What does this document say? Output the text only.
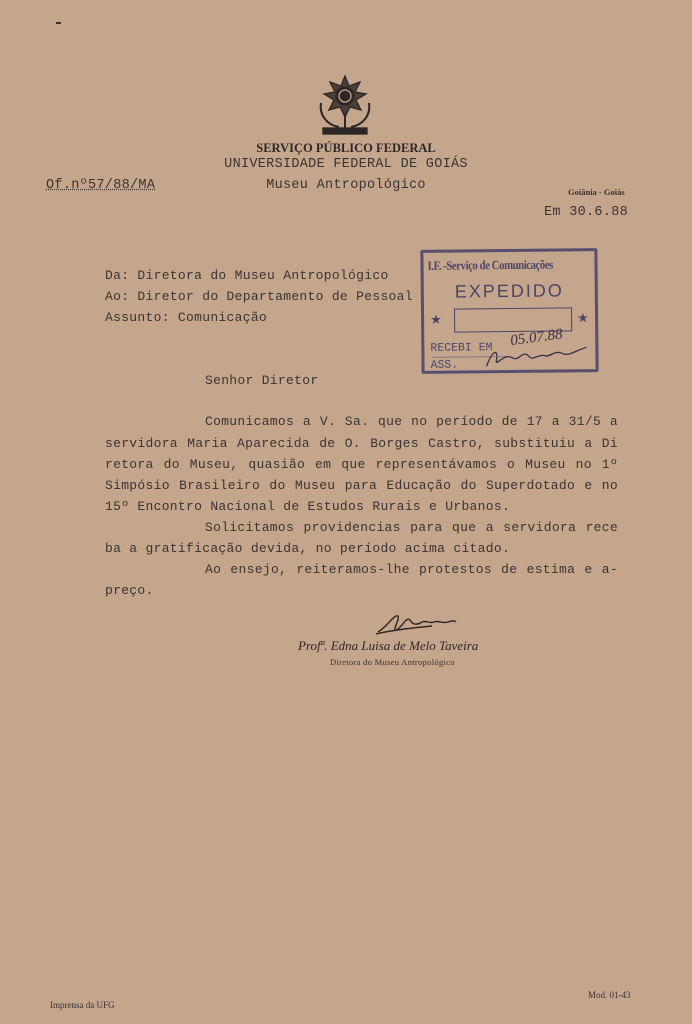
SERVIÇO PÚBLICO FEDERAL
UNIVERSIDADE FEDERAL DE GOIÁS
Museu Antropológico
Of.nº57/88/MA	Goiânia - Goiás
Em 30.6.88
Da: Diretora do Museu Antropológico
Ao: Diretor do Departamento de Pessoal
Assunto: Comunicação
I.F. -Serviço de Comunicações
EXPEDIDO
★	★
RECEBI EM 05.07.88
ASS.
Senhor Diretor
Comunicamos a V. Sa. que no período de 17 a 31/5 a
servidora Maria Aparecida de O. Borges Castro, substituiu a Di
retora do Museu, quasião em que representávamos o Museu no 1º
Simpósio Brasileiro do Museu para Educação do Superdotado e no
15º Encontro Nacional de Estudos Rurais e Urbanos.
Solicitamos providencias para que a servidora rece
ba a gratificação devida, no período acima citado.
Ao ensejo, reiteramos-lhe protestos de estima e a-
preço.
Profª. Edna Luisa de Melo Taveira
Diretora do Museu Antropológico
Imprensa da UFG
Mod. 01-43
